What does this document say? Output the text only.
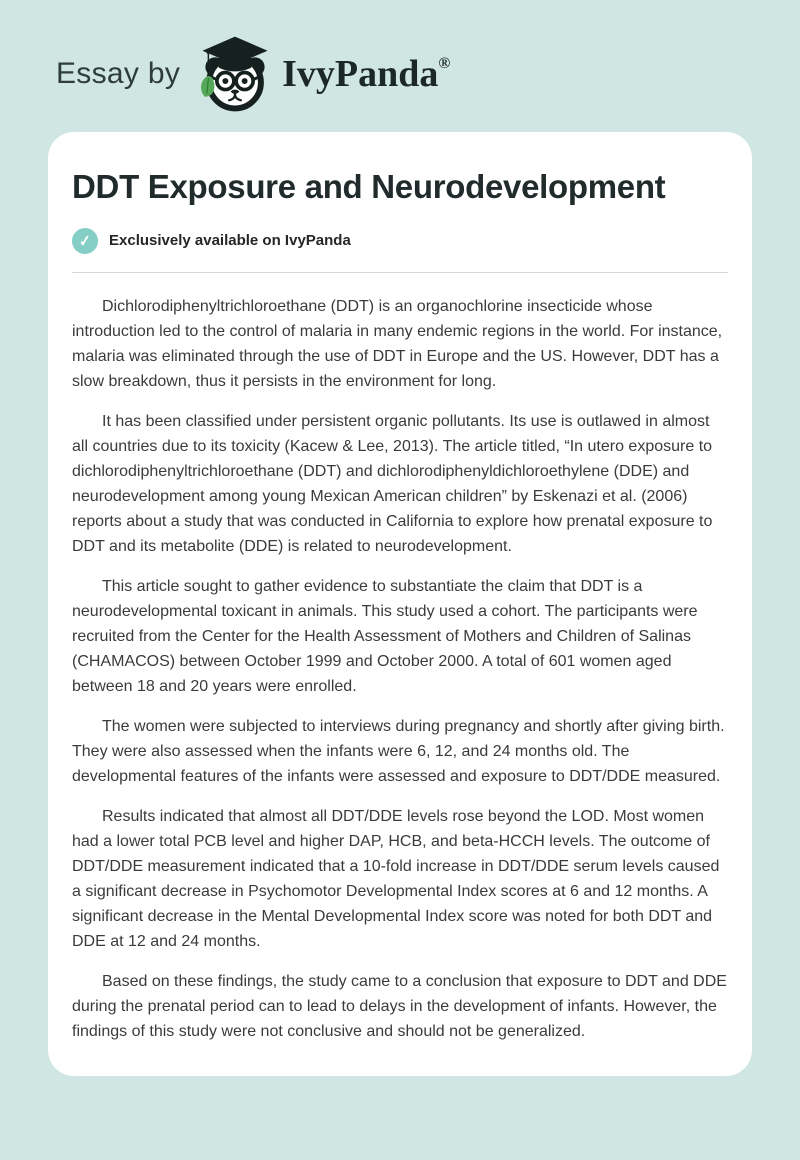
Essay by	IvyPanda®
DDT Exposure and Neurodevelopment
✓	Exclusively available on IvyPanda

Dichlorodiphenyltrichloroethane (DDT) is an organochlorine insecticide whose introduction led to the control of malaria in many endemic regions in the world. For instance, malaria was eliminated through the use of DDT in Europe and the US. However, DDT has a slow breakdown, thus it persists in the environment for long.

It has been classified under persistent organic pollutants. Its use is outlawed in almost all countries due to its toxicity (Kacew & Lee, 2013). The article titled, “In utero exposure to dichlorodiphenyltrichloroethane (DDT) and dichlorodiphenyldichloroethylene (DDE) and neurodevelopment among young Mexican American children” by Eskenazi et al. (2006) reports about a study that was conducted in California to explore how prenatal exposure to DDT and its metabolite (DDE) is related to neurodevelopment.

This article sought to gather evidence to substantiate the claim that DDT is a neurodevelopmental toxicant in animals. This study used a cohort. The participants were recruited from the Center for the Health Assessment of Mothers and Children of Salinas (CHAMACOS) between October 1999 and October 2000. A total of 601 women aged between 18 and 20 years were enrolled.

The women were subjected to interviews during pregnancy and shortly after giving birth. They were also assessed when the infants were 6, 12, and 24 months old. The developmental features of the infants were assessed and exposure to DDT/DDE measured.

Results indicated that almost all DDT/DDE levels rose beyond the LOD. Most women had a lower total PCB level and higher DAP, HCB, and beta-HCCH levels. The outcome of DDT/DDE measurement indicated that a 10-fold increase in DDT/DDE serum levels caused a significant decrease in Psychomotor Developmental Index scores at 6 and 12 months. A significant decrease in the Mental Developmental Index score was noted for both DDT and DDE at 12 and 24 months.

Based on these findings, the study came to a conclusion that exposure to DDT and DDE during the prenatal period can to lead to delays in the development of infants. However, the findings of this study were not conclusive and should not be generalized.
